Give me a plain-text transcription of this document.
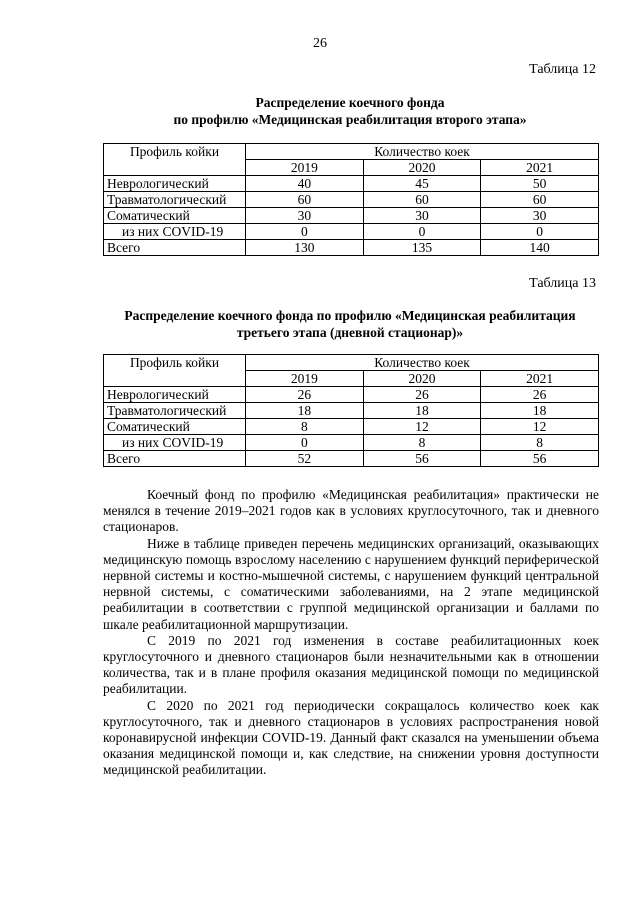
26
Таблица 12
Распределение коечного фонда
по профилю «Медицинская реабилитация второго этапа»
Профиль койки	Количество коек		
	2019	2020	2021
Неврологический	40	45	50
Травматологический	60	60	60
Соматический	30	30	30
из них COVID-19	0	0	0
Всего	130	135	140
Таблица 13
Распределение коечного фонда по профилю «Медицинская реабилитация
третьего этапа (дневной стационар)»
Профиль койки	Количество коек		
	2019	2020	2021
Неврологический	26	26	26
Травматологический	18	18	18
Соматический	8	12	12
из них COVID-19	0	8	8
Всего	52	56	56

Коечный фонд по профилю «Медицинская реабилитация» практически не менялся в течение 2019–2021 годов как в условиях круглосуточного, так и дневного стационаров.

Ниже в таблице приведен перечень медицинских организаций, оказывающих медицинскую помощь взрослому населению с нарушением функций периферической нервной системы и костно-мышечной системы, с нарушением функций центральной нервной системы, с соматическими заболеваниями, на 2 этапе медицинской реабилитации в соответствии с группой медицинской организации и баллами по шкале реабилитационной маршрутизации.

С 2019 по 2021 год изменения в составе реабилитационных коек круглосуточного и дневного стационаров были незначительными как в отношении количества, так и в плане профиля оказания медицинской помощи по медицинской реабилитации.

С 2020 по 2021 год периодически сокращалось количество коек как круглосуточного, так и дневного стационаров в условиях распространения новой коронавирусной инфекции COVID-19. Данный факт сказался на уменьшении объема оказания медицинской помощи и, как следствие, на снижении уровня доступности медицинской реабилитации.
